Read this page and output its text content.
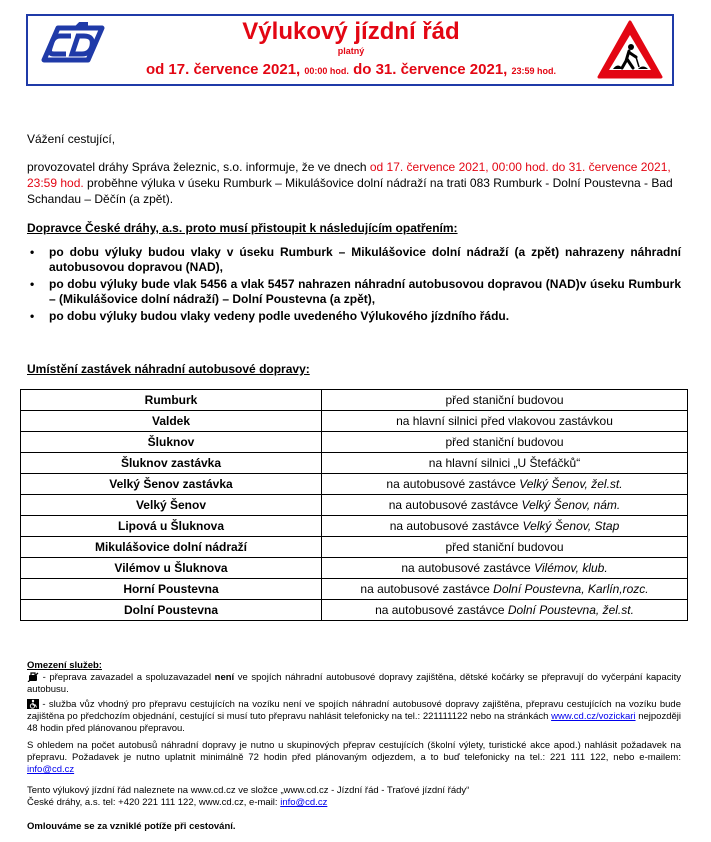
Výlukový jízdní řád
platný
od 17. července 2021, 00:00 hod. do 31. července 2021, 23:59 hod.
Vážení cestující,
provozovatel dráhy Správa železnic, s.o. informuje, že ve dnech od 17. července 2021, 00:00 hod. do 31. července 2021, 23:59 hod. proběhne výluka v úseku Rumburk – Mikulášovice dolní nádraží na trati 083 Rumburk - Dolní Poustevna - Bad Schandau – Děčín (a zpět).
Dopravce České dráhy, a.s. proto musí přistoupit k následujícím opatřením:
• po dobu výluky budou vlaky v úseku Rumburk – Mikulášovice dolní nádraží (a zpět) nahrazeny náhradní autobusovou dopravou (NAD),
• po dobu výluky bude vlak 5456 a vlak 5457 nahrazen náhradní autobusovou dopravou (NAD)v úseku Rumburk – (Mikulášovice dolní nádraží) – Dolní Poustevna (a zpět),
• po dobu výluky budou vlaky vedeny podle uvedeného Výlukového jízdního řádu.
Umístění zastávek náhradní autobusové dopravy:
Rumburk	před staniční budovou
Valdek	na hlavní silnici před vlakovou zastávkou
Šluknov	před staniční budovou
Šluknov zastávka	na hlavní silnici „U Štefáčků“
Velký Šenov zastávka	na autobusové zastávce Velký Šenov, žel.st.
Velký Šenov	na autobusové zastávce Velký Šenov, nám.
Lipová u Šluknova	na autobusové zastávce Velký Šenov, Stap
Mikulášovice dolní nádraží	před staniční budovou
Vilémov u Šluknova	na autobusové zastávce Vilémov, klub.
Horní Poustevna	na autobusové zastávce Dolní Poustevna, Karlín,rozc.
Dolní Poustevna	na autobusové zastávce Dolní Poustevna, žel.st.
Omezení služeb:
- přeprava zavazadel a spoluzavazadel není ve spojích náhradní autobusové dopravy zajištěna, dětské kočárky se přepravují do vyčerpání kapacity autobusu.
- služba vůz vhodný pro přepravu cestujících na vozíku není ve spojích náhradní autobusové dopravy zajištěna, přepravu cestujících na vozíku bude zajištěna po předchozím objednání, cestující si musí tuto přepravu nahlásit telefonicky na tel.: 221111122 nebo na stránkách www.cd.cz/vozickari nejpozději 48 hodin před plánovanou přepravou.
S ohledem na počet autobusů náhradní dopravy je nutno u skupinových přeprav cestujících (školní výlety, turistické akce apod.) nahlásit požadavek na přepravu. Požadavek je nutno uplatnit minimálně 72 hodin před plánovaným odjezdem, a to buď telefonicky na tel.: 221 111 122, nebo e-mailem: info@cd.cz
Tento výlukový jízdní řád naleznete na www.cd.cz ve složce „www.cd.cz - Jízdní řád - Traťové jízdní řády“
České dráhy, a.s. tel: +420 221 111 122, www.cd.cz, e-mail: info@cd.cz
Omlouváme se za vzniklé potíže při cestování.
